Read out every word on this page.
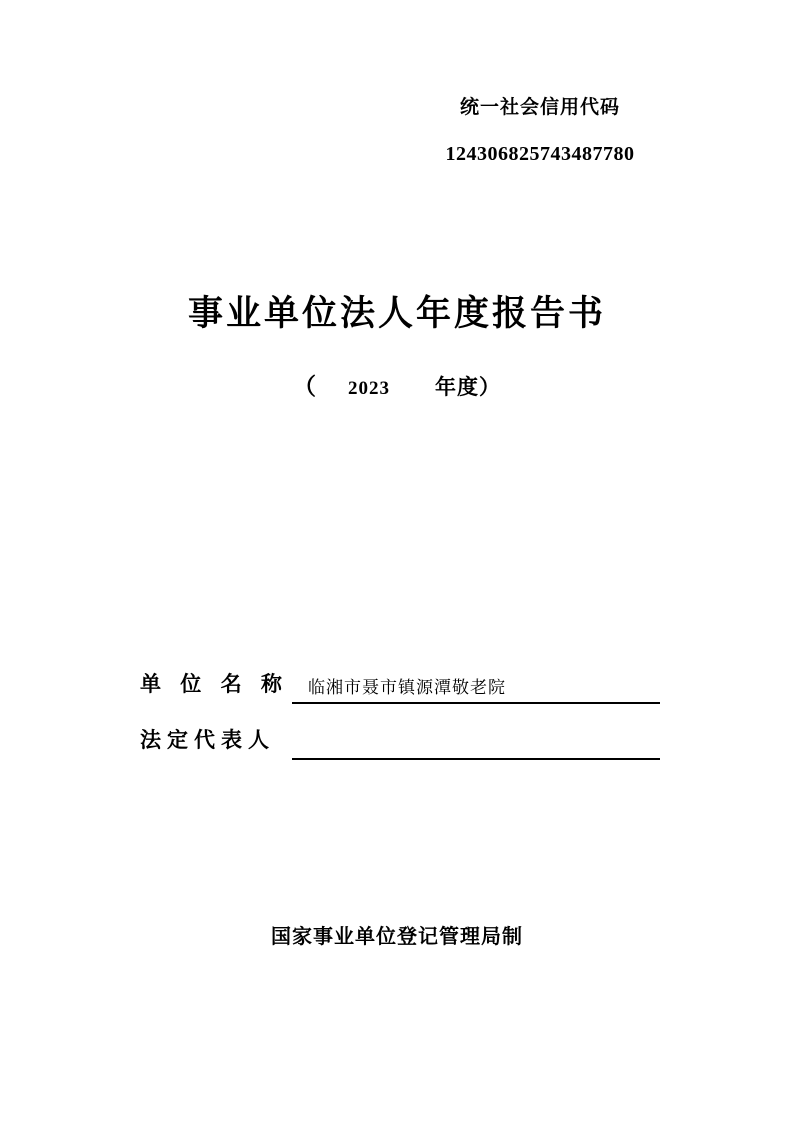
统一社会信用代码
124306825743487780
事业单位法人年度报告书
（ 2023 年度）
单 位 名 称 临湘市聂市镇源潭敬老院
法定代表人
国家事业单位登记管理局制
